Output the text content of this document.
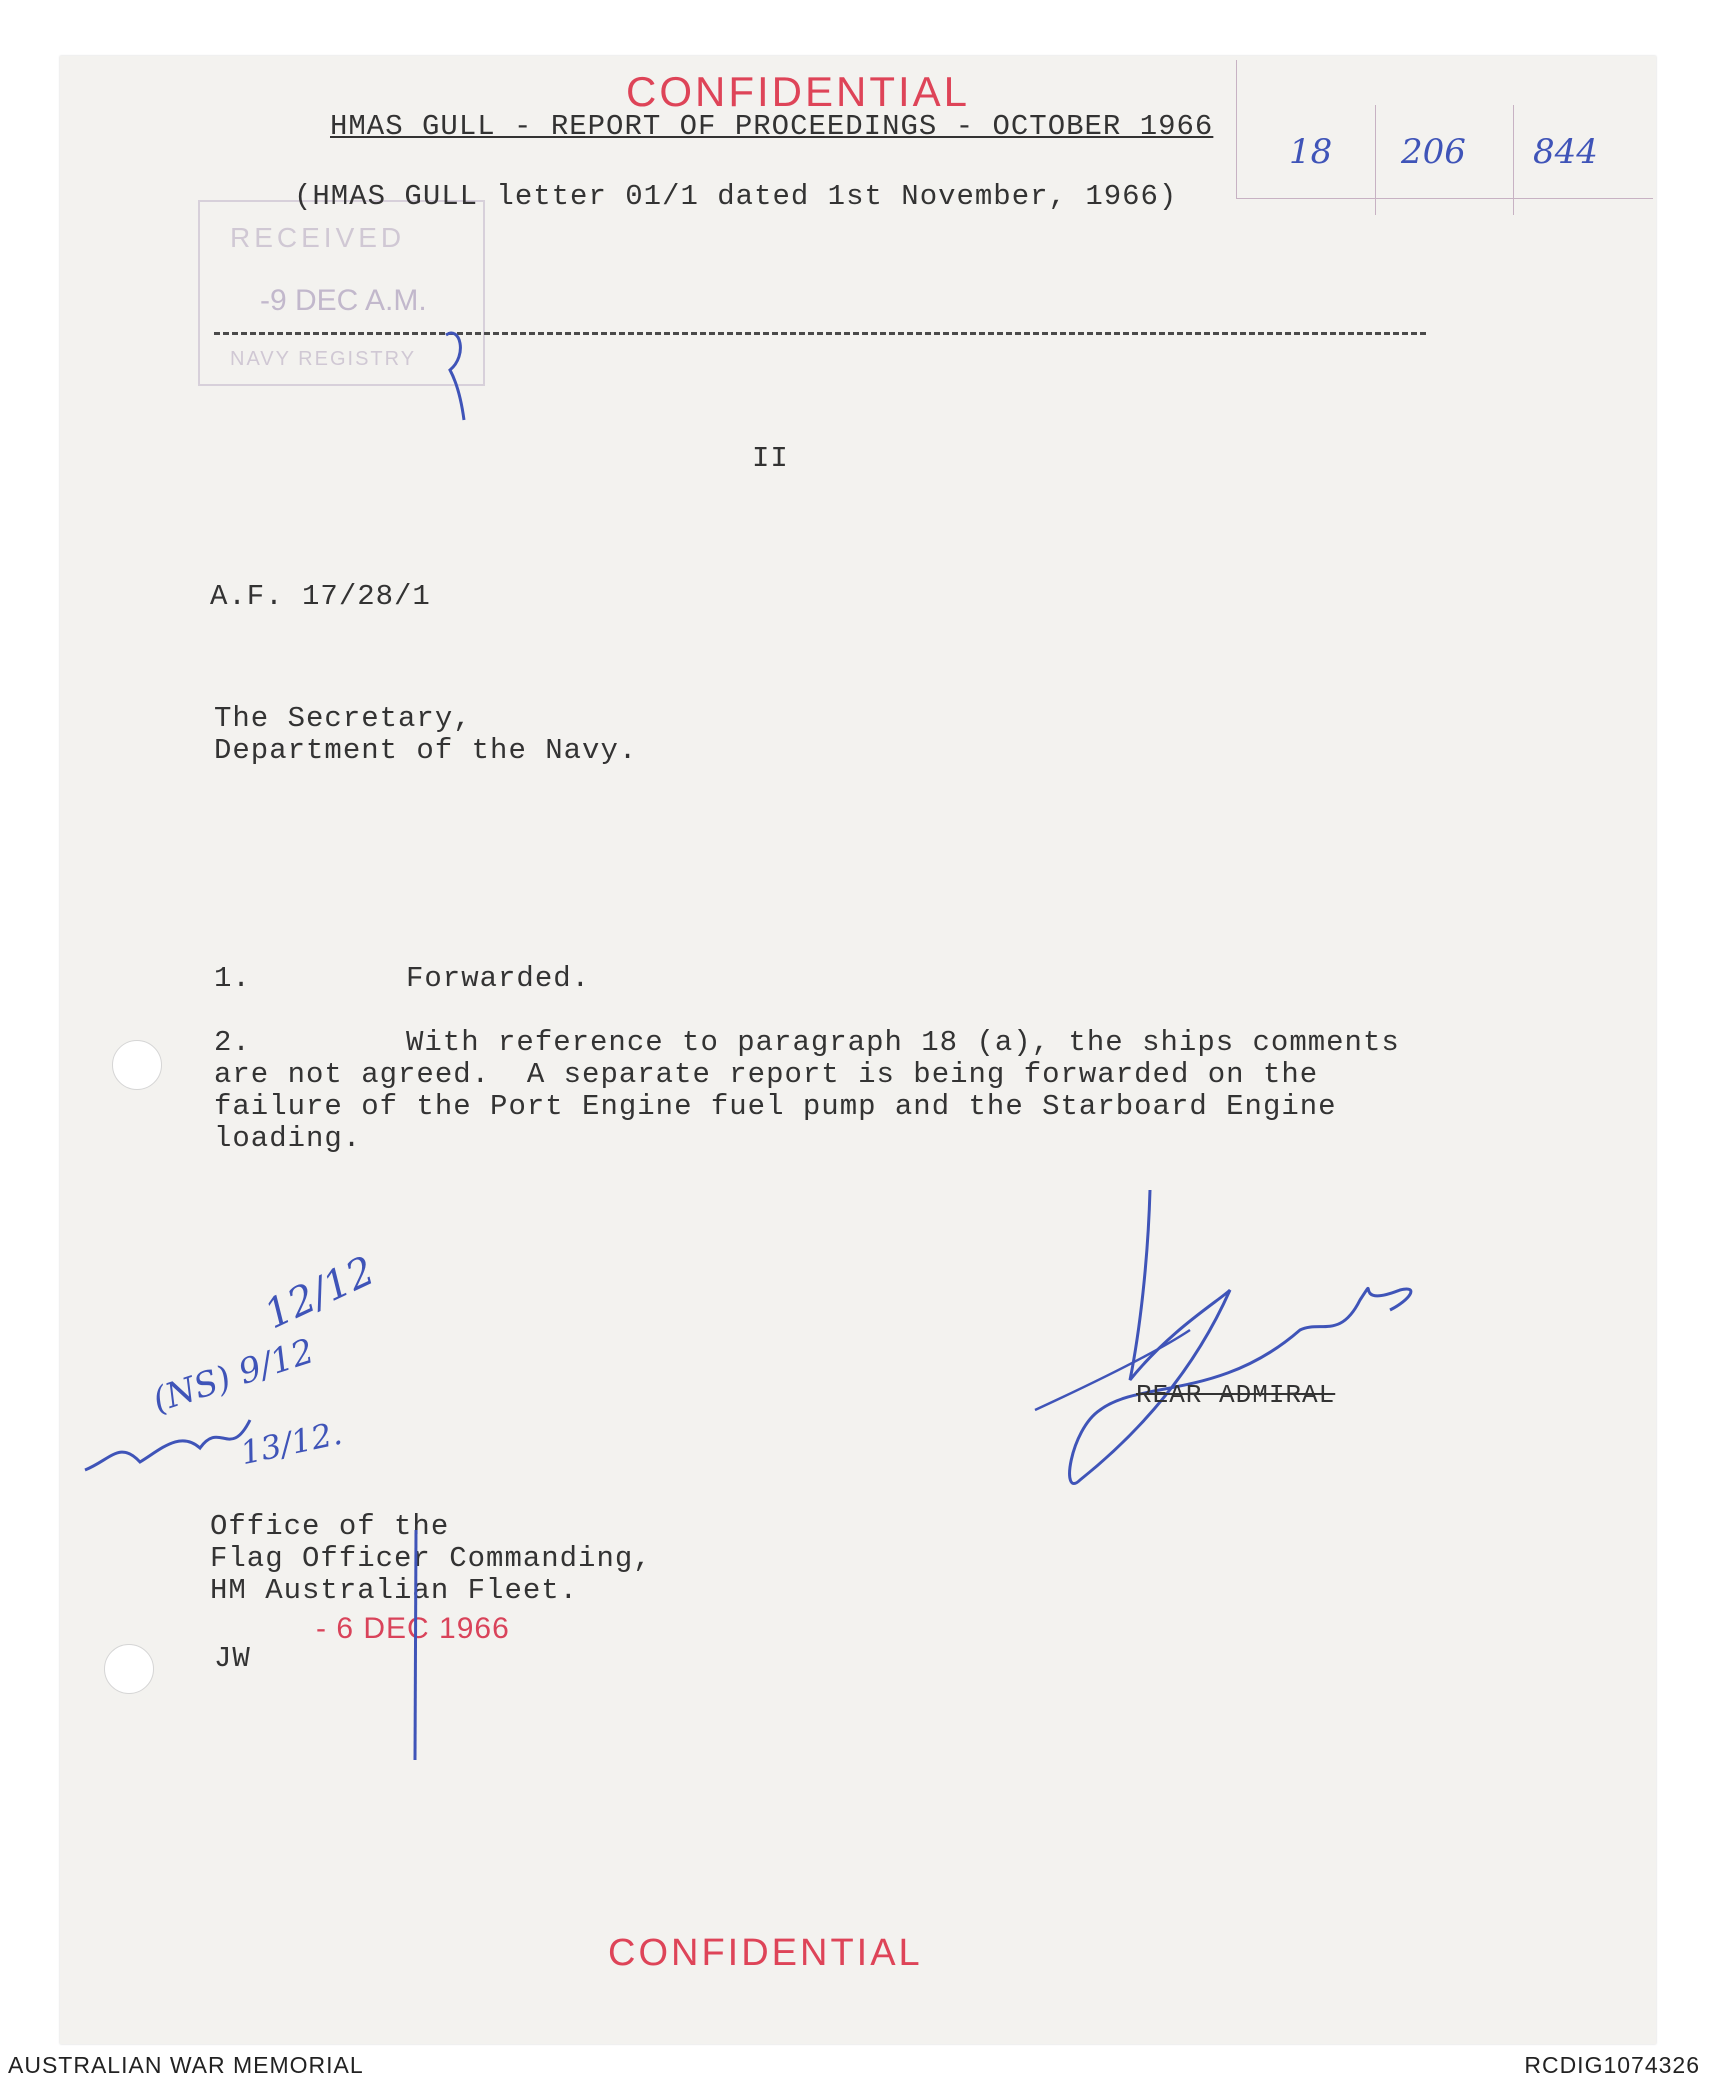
18 206 844
CONFIDENTIAL
CONFIDENTIAL
RECEIVED
-9 DEC A.M.
NAVY REGISTRY
HMAS GULL - REPORT OF PROCEEDINGS - OCTOBER 1966
(HMAS GULL letter 01/1 dated 1st November, 1966)
II
A.F. 17/28/1
The Secretary,
Department of the Navy.
1.	Forwarded.
2.	With reference to paragraph 18 (a), the ships comments
are not agreed.  A separate report is being forwarded on the
failure of the Port Engine fuel pump and the Starboard Engine
loading.
REAR ADMIRAL
12/12
(NS) 9/12
13/12.
Office of the
Flag Officer Commanding,
HM Australian Fleet.
- 6 DEC 1966
JW
AUSTRALIAN WAR MEMORIAL	RCDIG1074326
